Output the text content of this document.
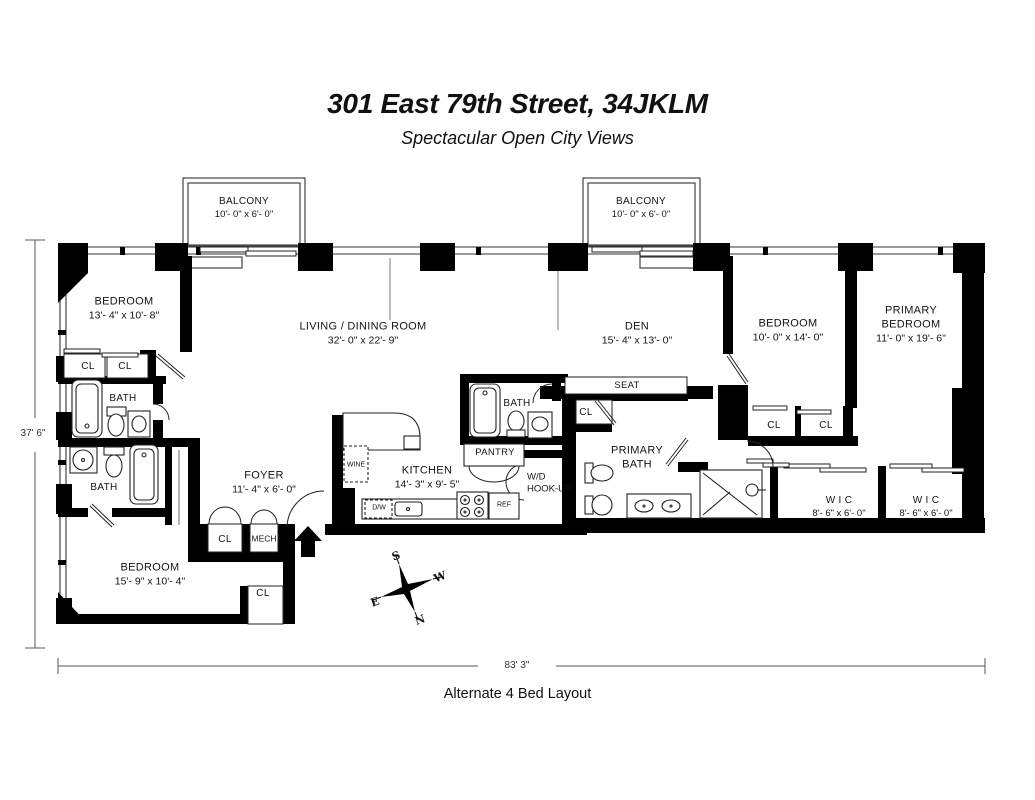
301 East 79th Street, 34JKLM
Spectacular Open City Views
Alternate 4 Bed Layout
BALCONY
10'- 0" x 6'- 0"
BALCONY
10'- 0" x 6'- 0"
BEDROOM
13'- 4" x 10'- 8"
LIVING / DINING ROOM
32'- 0" x 22'- 9"
DEN
15'- 4" x 13'- 0"
BEDROOM
10'- 0" x 14'- 0"
PRIMARY BEDROOM
11'- 0" x 19'- 6"
BEDROOM
15'- 9" x 10'- 4"
FOYER
11'- 4" x 6'- 0"
KITCHEN
14'- 3" x 9'- 5"
W I C
8'- 6" x 6'- 0"
W I C
8'- 6" x 6'- 0"
PRIMARY BATH
CL CL
CL
CL
CL
CL	CL
BATH
BATH
BATH
MECH
SEAT
PANTRY
WINE
D/W	REF
W/D HOOK-UP
37' 6"
83' 3"
S
W
E
N
